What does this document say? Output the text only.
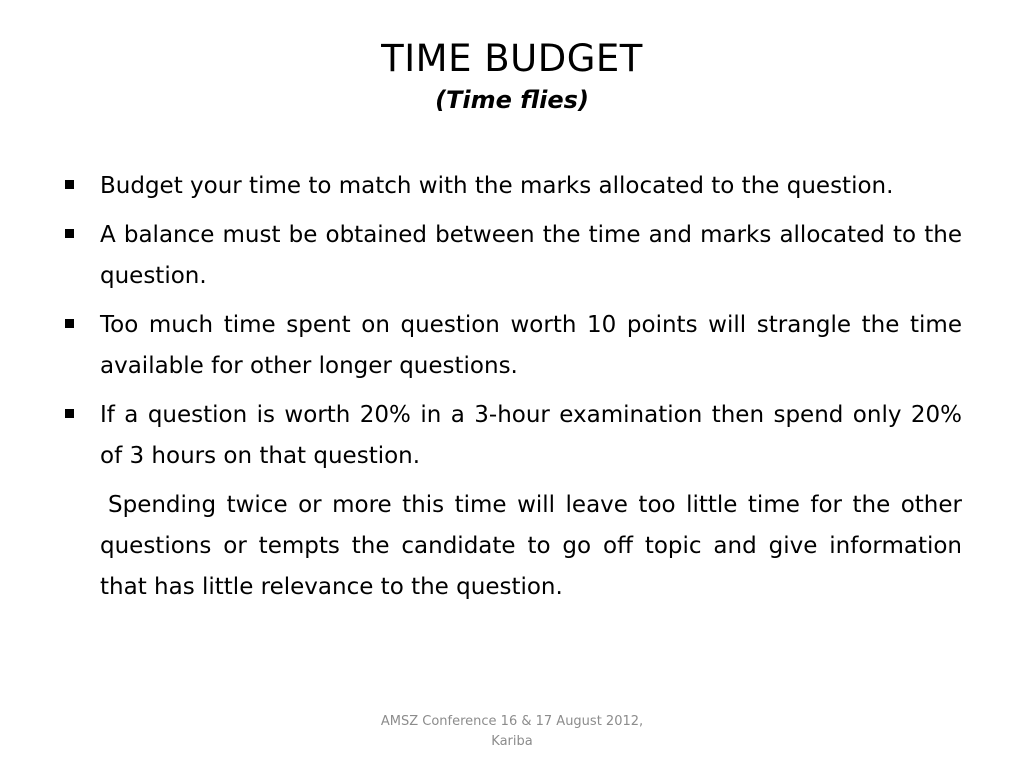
TIME BUDGET
(Time flies)
Budget your time to match with the marks allocated to the question.
A balance must be obtained between the time and marks allocated to the question.
Too much time spent on question worth 10 points will strangle the time available for other longer questions.
If a question is worth 20% in a 3-hour examination then spend only 20% of 3 hours on that question.
Spending twice or more this time will leave too little time for the other questions or tempts the candidate to go off topic and give information that has little relevance to the question.
AMSZ Conference 16 & 17 August 2012,
Kariba
